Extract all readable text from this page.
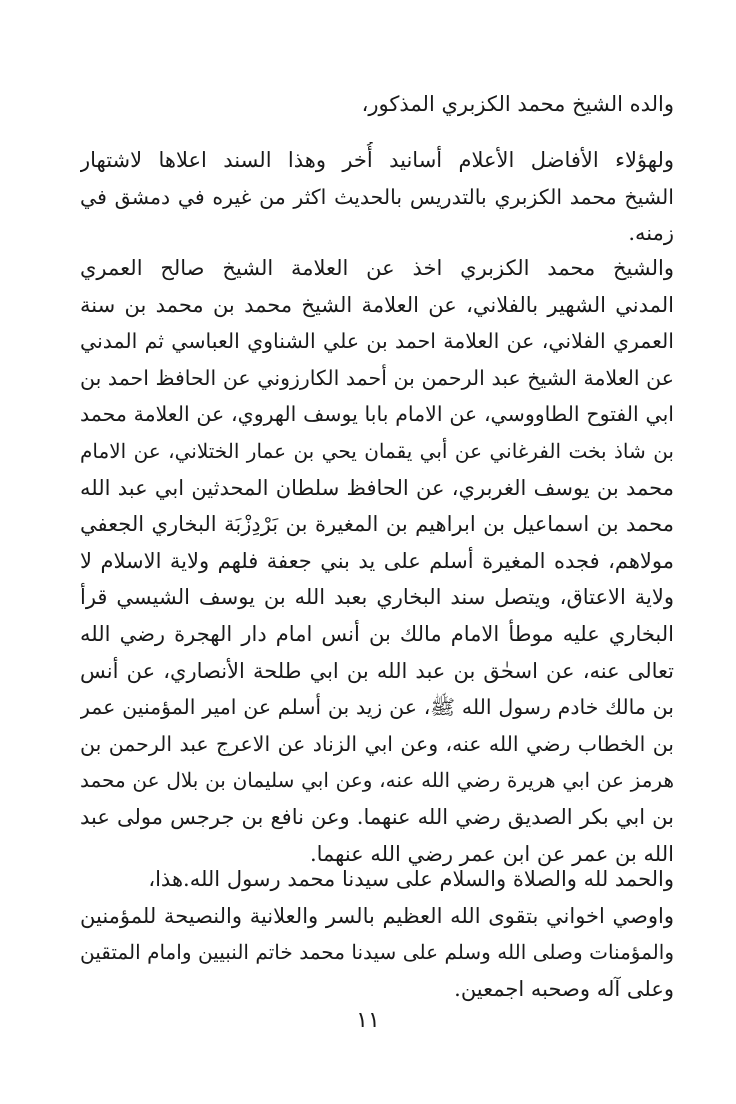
والده الشيخ محمد الكزبري المذكور،
ولهؤلاء الأفاضل الأعلام أسانيد أُخر وهذا السند اعلاها لاشتهار
الشيخ محمد الكزبري بالتدريس بالحديث اكثر من غيره في دمشق في
زمنه.
والشيخ محمد الكزبري اخذ عن العلامة الشيخ صالح العمري
المدني الشهير بالفلاني، عن العلامة الشيخ محمد بن محمد بن سنة
العمري الفلاني، عن العلامة احمد بن علي الشناوي العباسي ثم المدني
عن العلامة الشيخ عبد الرحمن بن أحمد الكارزوني عن الحافظ احمد بن
ابي الفتوح الطاووسي، عن الامام بابا يوسف الهروي، عن العلامة محمد
بن شاذ بخت الفرغاني عن أبي يقمان يحي بن عمار الختلاني، عن الامام
محمد بن يوسف الغربري، عن الحافظ سلطان المحدثين ابي عبد الله
محمد بن اسماعيل بن ابراهيم بن المغيرة بن بَرْدِزْبَة البخاري الجعفي
مولاهم، فجده المغيرة أسلم على يد بني جعفة فلهم ولاية الاسلام لا
ولاية الاعتاق، ويتصل سند البخاري بعبد الله بن يوسف الشيسي قرأ
البخاري عليه موطأ الامام مالك بن أنس امام دار الهجرة رضي الله
تعالى عنه، عن اسحٰق بن عبد الله بن ابي طلحة الأنصاري، عن أنس
بن مالك خادم رسول الله ﷺ، عن زيد بن أسلم عن امير المؤمنين عمر
بن الخطاب رضي الله عنه، وعن ابي الزناد عن الاعرج عبد الرحمن بن
هرمز عن ابي هريرة رضي الله عنه، وعن ابي سليمان بن بلال عن محمد
بن ابي بكر الصديق رضي الله عنهما. وعن نافع بن جرجس مولى عبد
الله بن عمر عن ابن عمر رضي الله عنهما.
والحمد لله والصلاة والسلام على سيدنا محمد رسول الله.هذا،
واوصي اخواني بتقوى الله العظيم بالسر والعلانية والنصيحة للمؤمنين
والمؤمنات وصلى الله وسلم على سيدنا محمد خاتم النبيين وامام المتقين
وعلى آله وصحبه اجمعين.
١١
